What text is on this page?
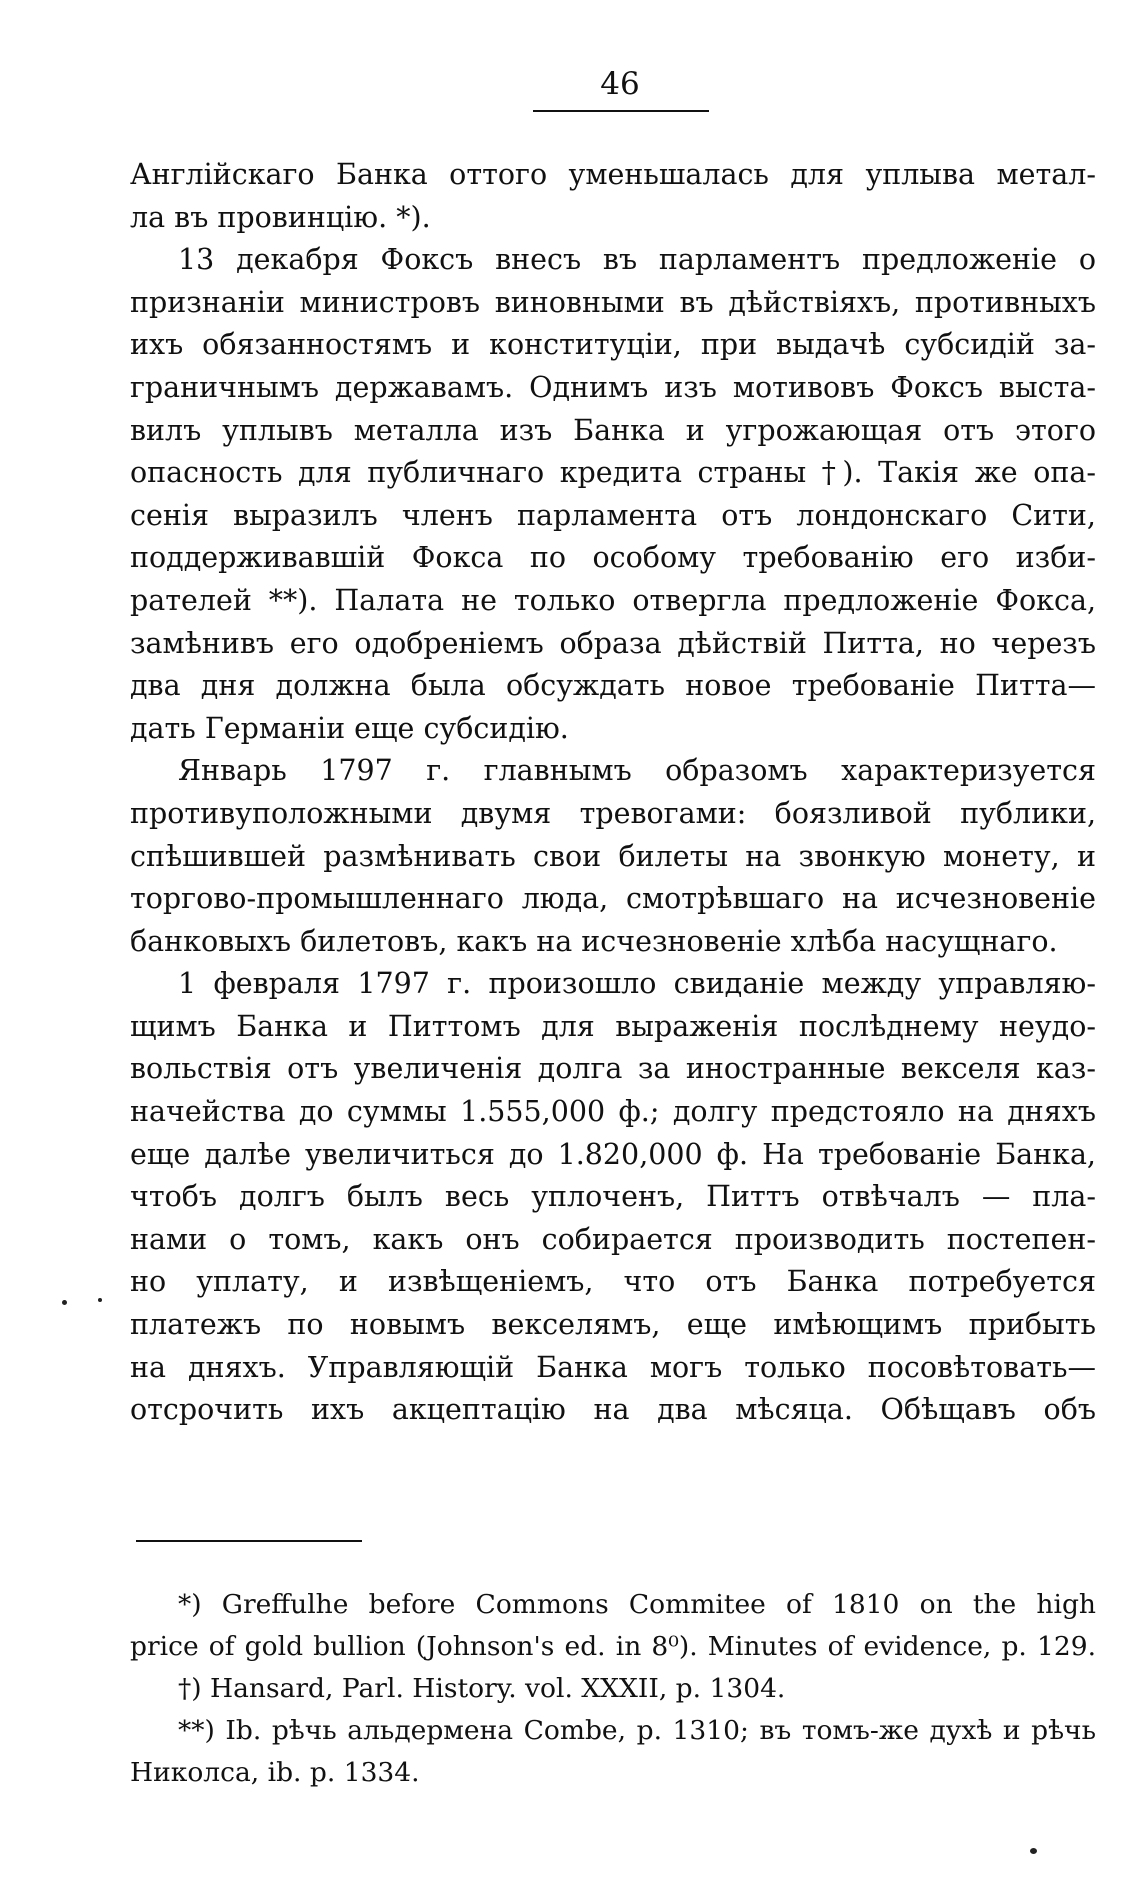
46
Англійскаго Банка оттого уменьшалась для уплыва метал-
ла въ провинцію. *).
13 декабря Фоксъ внесъ въ парламентъ предложеніе о
признаніи министровъ виновными въ дѣйствіяхъ, противныхъ
ихъ обязанностямъ и конституціи, при выдачѣ субсидій за-
граничнымъ державамъ. Однимъ изъ мотивовъ Фоксъ выста-
вилъ уплывъ металла изъ Банка и угрожающая отъ этого
опасность для публичнаго кредита страны †). Такія же опа-
сенія выразилъ членъ парламента отъ лондонскаго Сити,
поддерживавшій Фокса по особому требованію его изби-
рателей **). Палата не только отвергла предложеніе Фокса,
замѣнивъ его одобреніемъ образа дѣйствій Питта, но черезъ
два дня должна была обсуждать новое требованіе Питта—
дать Германіи еще субсидію.
Январь 1797 г. главнымъ образомъ характеризуется
противуположными двумя тревогами: боязливой публики,
спѣшившей размѣнивать свои билеты на звонкую монету, и
торгово-промышленнаго люда, смотрѣвшаго на исчезновеніе
банковыхъ билетовъ, какъ на исчезновеніе хлѣба насущнаго.
1 февраля 1797 г. произошло свиданіе между управляю-
щимъ Банка и Питтомъ для выраженія послѣднему неудо-
вольствія отъ увеличенія долга за иностранные векселя каз-
начейства до суммы 1.555,000 ф.; долгу предстояло на дняхъ
еще далѣе увеличиться до 1.820,000 ф. На требованіе Банка,
чтобъ долгъ былъ весь уплоченъ, Питтъ отвѣчалъ — пла-
нами о томъ, какъ онъ собирается производить постепен-
но уплату, и извѣщеніемъ, что отъ Банка потребуется
платежъ по новымъ векселямъ, еще имѣющимъ прибыть
на дняхъ. Управляющій Банка могъ только посовѣтовать—
отсрочить ихъ акцептацію на два мѣсяца. Обѣщавъ объ
*) Greffulhe before Commons Commitee of 1810 on the high
price of gold bullion (Johnson's ed. in 8⁰). Minutes of evidence, p. 129.
†) Hansard, Parl. History. vol. XXXII, p. 1304.
**) Ib. рѣчь альдермена Combe, p. 1310; въ томъ-же духѣ и рѣчь
Николса, ib. p. 1334.
